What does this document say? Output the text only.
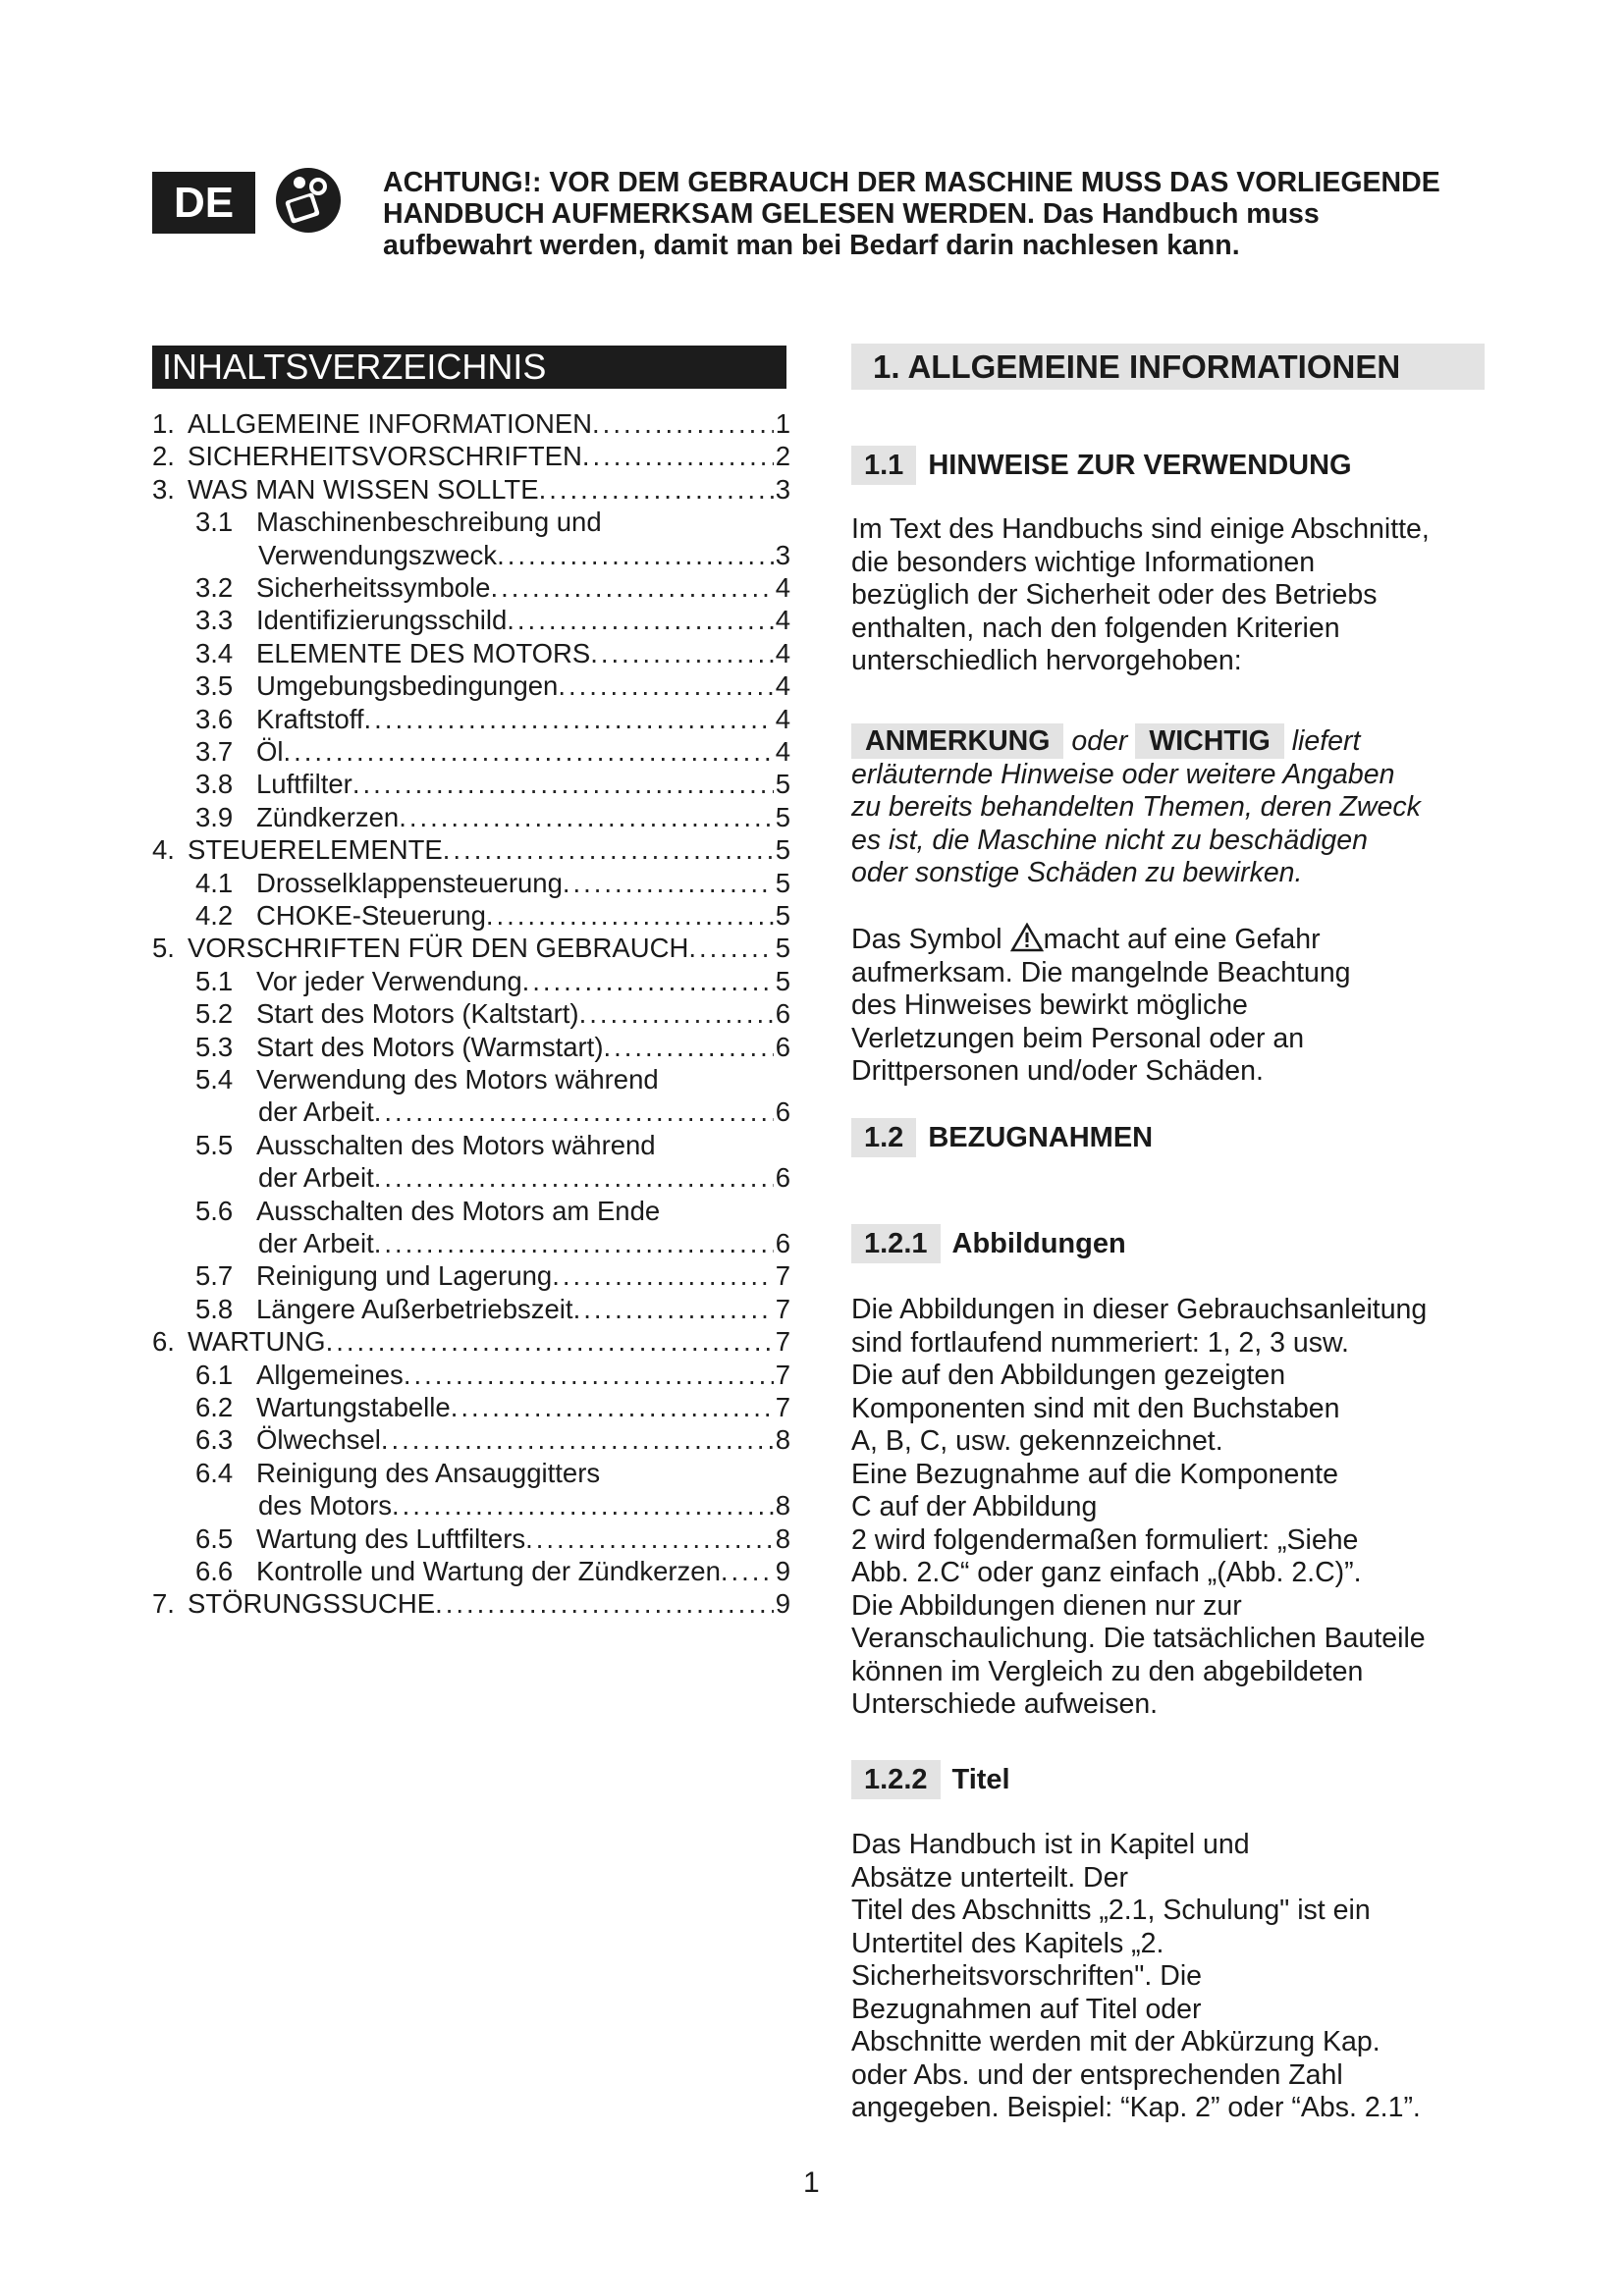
DE	ACHTUNG!: VOR DEM GEBRAUCH DER MASCHINE MUSS DAS VORLIEGENDE
HANDBUCH AUFMERKSAM GELESEN WERDEN. Das Handbuch muss
aufbewahrt werden, damit man bei Bedarf darin nachlesen kann.
INHALTSVERZEICHNIS
1. ALLGEMEINE INFORMATIONEN .....	1
2. SICHERHEITSVORSCHRIFTEN .....	2
3. WAS MAN WISSEN SOLLTE .....	3
3.1 Maschinenbeschreibung und
Verwendungszweck .....	3
3.2 Sicherheitssymbole .....	4
3.3 Identifizierungsschild .....	4
3.4 ELEMENTE DES MOTORS .....	4
3.5 Umgebungsbedingungen .....	4
3.6 Kraftstoff .....	4
3.7 Öl .....	4
3.8 Luftfilter .....	5
3.9 Zündkerzen .....	5
4. STEUERELEMENTE .....	5
4.1 Drosselklappensteuerung .....	5
4.2 CHOKE-Steuerung .....	5
5. VORSCHRIFTEN FÜR DEN GEBRAUCH .....	5
5.1 Vor jeder Verwendung .....	5
5.2 Start des Motors (Kaltstart) .....	6
5.3 Start des Motors (Warmstart) .....	6
5.4 Verwendung des Motors während
der Arbeit .....	6
5.5 Ausschalten des Motors während
der Arbeit .....	6
5.6 Ausschalten des Motors am Ende
der Arbeit .....	6
5.7 Reinigung und Lagerung .....	7
5.8 Längere Außerbetriebszeit .....	7
6. WARTUNG .....	7
6.1 Allgemeines .....	7
6.2 Wartungstabelle .....	7
6.3 Ölwechsel .....	8
6.4 Reinigung des Ansauggitters
des Motors .....	8
6.5 Wartung des Luftfilters .....	8
6.6 Kontrolle und Wartung der Zündkerzen ..... 9
7. STÖRUNGSSUCHE .....	9
1. ALLGEMEINE INFORMATIONEN
1.1 HINWEISE ZUR VERWENDUNG
Im Text des Handbuchs sind einige Abschnitte,
die besonders wichtige Informationen
bezüglich der Sicherheit oder des Betriebs
enthalten, nach den folgenden Kriterien
unterschiedlich hervorgehoben:
ANMERKUNG oder WICHTIG liefert
erläuternde Hinweise oder weitere Angaben
zu bereits behandelten Themen, deren Zweck
es ist, die Maschine nicht zu beschädigen
oder sonstige Schäden zu bewirken.
Das Symbol macht auf eine Gefahr
aufmerksam. Die mangelnde Beachtung
des Hinweises bewirkt mögliche
Verletzungen beim Personal oder an
Drittpersonen und/oder Schäden.
1.2 BEZUGNAHMEN
1.2.1 Abbildungen
Die Abbildungen in dieser Gebrauchsanleitung
sind fortlaufend nummeriert: 1, 2, 3 usw.
Die auf den Abbildungen gezeigten
Komponenten sind mit den Buchstaben
A, B, C, usw. gekennzeichnet.
Eine Bezugnahme auf die Komponente
C auf der Abbildung
2 wird folgendermaßen formuliert: „Siehe
Abb. 2.C“ oder ganz einfach „(Abb. 2.C)”.
Die Abbildungen dienen nur zur
Veranschaulichung. Die tatsächlichen Bauteile
können im Vergleich zu den abgebildeten
Unterschiede aufweisen.
1.2.2 Titel
Das Handbuch ist in Kapitel und
Absätze unterteilt. Der
Titel des Abschnitts „2.1, Schulung" ist ein
Untertitel des Kapitels „2.
Sicherheitsvorschriften". Die
Bezugnahmen auf Titel oder
Abschnitte werden mit der Abkürzung Kap.
oder Abs. und der entsprechenden Zahl
angegeben. Beispiel: “Kap. 2” oder “Abs. 2.1”.
1
